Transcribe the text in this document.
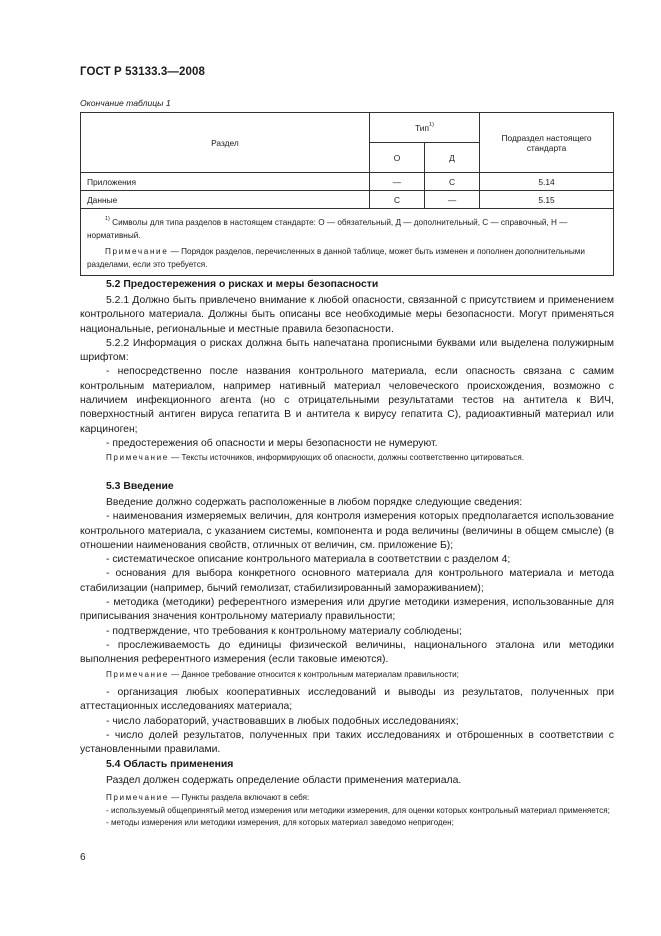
ГОСТ Р 53133.3—2008
Окончание таблицы 1
Раздел	Тип$^{1)}$		Подраздел настоящего стандарта
	О	Д	
Приложения	—	С	5.14
Данные	С	—	5.15

$^{1)}$ Символы для типа разделов в настоящем стандарте: О — обязательный, Д — дополнительный, С — справочный, Н — нормативный.

Примечание — Порядок разделов, перечисленных в данной таблице, может быть изменен и пополнен дополнительными разделами, если это требуется.			

5.2 Предостережения о рисках и меры безопасности

5.2.1 Должно быть привлечено внимание к любой опасности, связанной с присутствием и применением контрольного материала. Должны быть описаны все необходимые меры безопасности. Могут применяться национальные, региональные и местные правила безопасности.

5.2.2 Информация о рисках должна быть напечатана прописными буквами или выделена полужирным шрифтом:

- непосредственно после названия контрольного материала, если опасность связана с самим контрольным материалом, например нативный материал человеческого происхождения, возможно с наличием инфекционного агента (но с отрицательными результатами тестов на антитела к ВИЧ, поверхностный антиген вируса гепатита В и антитела к вирусу гепатита С), радиоактивный материал или карциноген;

- предостережения об опасности и меры безопасности не нумеруют.

Примечание — Тексты источников, информирующих об опасности, должны соответственно цитироваться.
5.3 Введение

Введение должно содержать расположенные в любом порядке следующие сведения:

- наименования измеряемых величин, для контроля измерения которых предполагается использование контрольного материала, с указанием системы, компонента и рода величины (величины в общем смысле) (в отношении наименования свойств, отличных от величин, см. приложение Б);

- систематическое описание контрольного материала в соответствии с разделом 4;

- основания для выбора конкретного основного материала для контрольного материала и метода стабилизации (например, бычий гемолизат, стабилизированный замораживанием);

- методика (методики) референтного измерения или другие методики измерения, использованные для приписывания значения контрольному материалу правильности;

- подтверждение, что требования к контрольному материалу соблюдены;

- прослеживаемость до единицы физической величины, национального эталона или методики выполнения референтного измерения (если таковые имеются).

Примечание — Данное требование относится к контрольным материалам правильности;

- организация любых кооперативных исследований и выводы из результатов, полученных при аттестационных исследованиях материала;

- число лабораторий, участвовавших в любых подобных исследованиях;

- число долей результатов, полученных при таких исследованиях и отброшенных в соответствии с установленными правилами.

5.4 Область применения

Раздел должен содержать определение области применения материала.

Примечание — Пункты раздела включают в себя:

- используемый общепринятый метод измерения или методики измерения, для оценки которых контрольный материал применяется;

- методы измерения или методики измерения, для которых материал заведомо непригоден;

6
